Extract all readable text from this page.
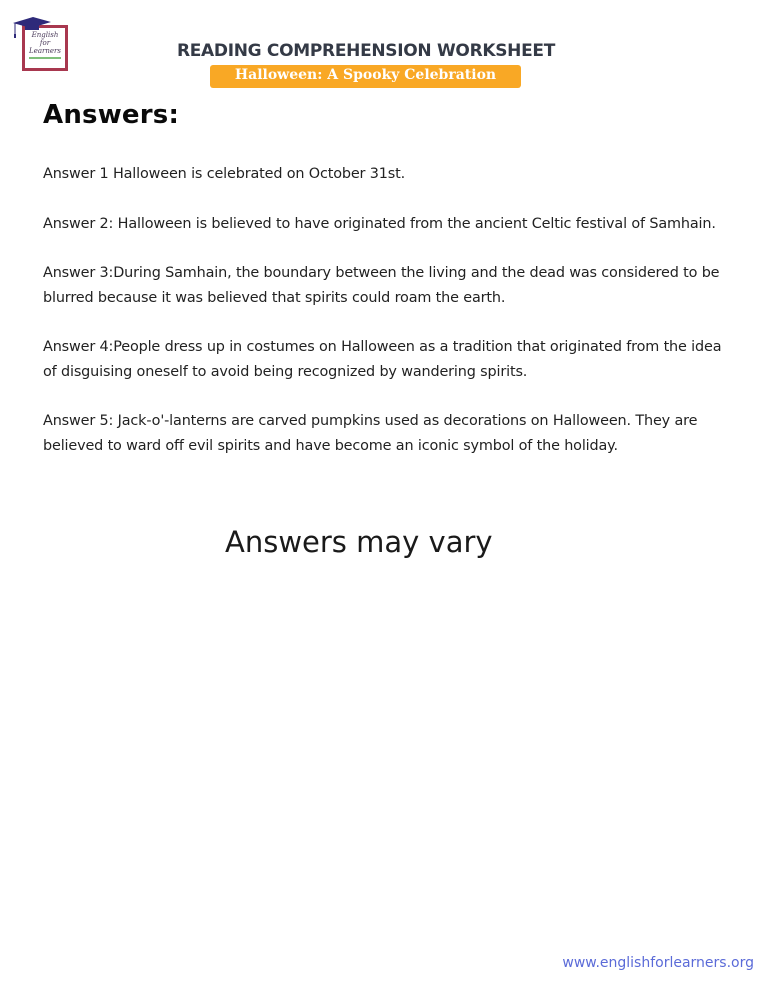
English
for
Learners	READING COMPREHENSION WORKSHEET
Halloween: A Spooky Celebration
Answers:

Answer 1 Halloween is celebrated on October 31st.

Answer 2: Halloween is believed to have originated from the ancient Celtic festival of Samhain.

Answer 3:During Samhain, the boundary between the living and the dead was considered to be blurred because it was believed that spirits could roam the earth.

Answer 4:People dress up in costumes on Halloween as a tradition that originated from the idea of disguising oneself to avoid being recognized by wandering spirits.

Answer 5: Jack-o'-lanterns are carved pumpkins used as decorations on Halloween. They are believed to ward off evil spirits and have become an iconic symbol of the holiday.

Answers may vary
www.englishforlearners.org
